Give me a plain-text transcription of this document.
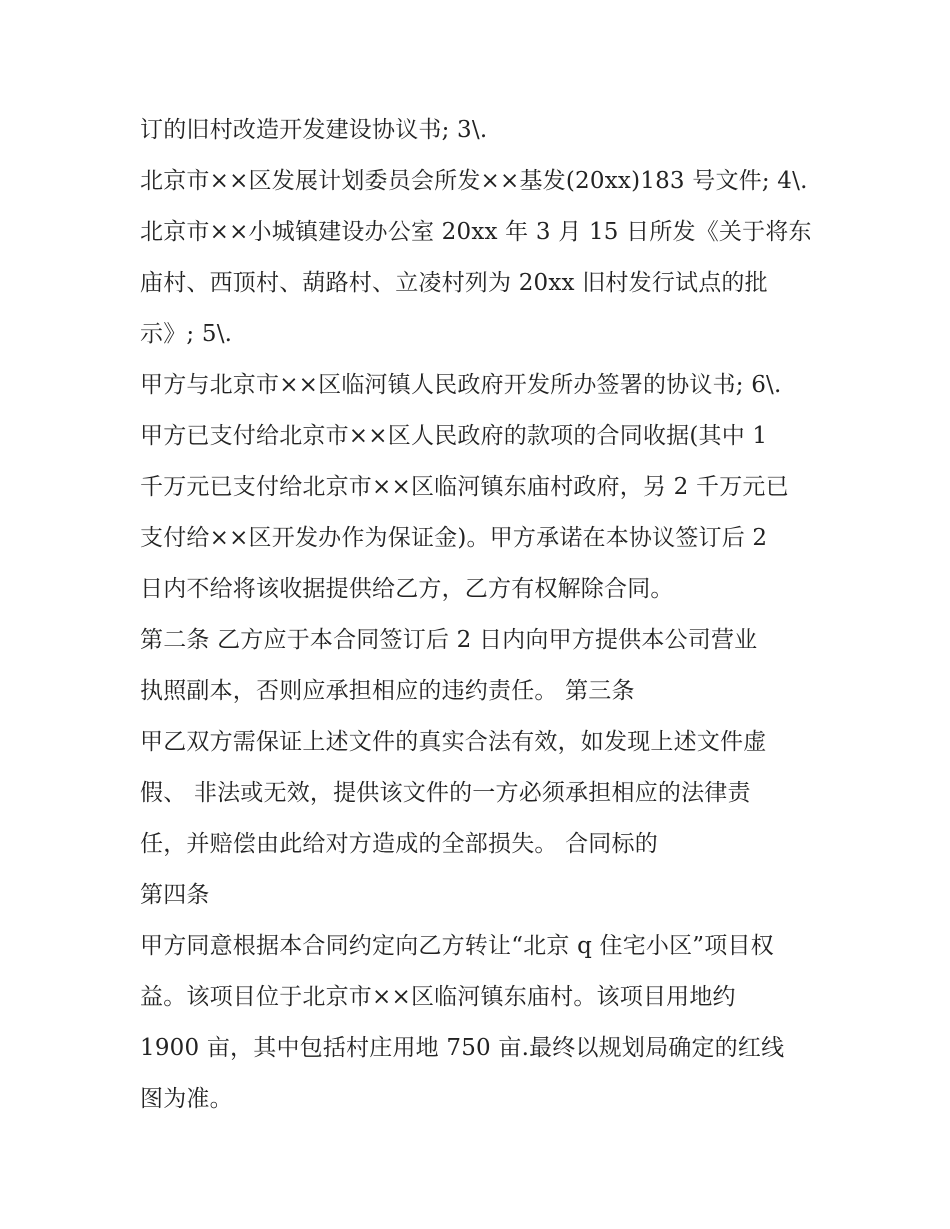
订的旧村改造开发建设协议书; 3\.
北京市××区发展计划委员会所发××基发(20xx)183 号文件; 4\.
北京市××小城镇建设办公室 20xx 年 3 月 15 日所发《关于将东
庙村、西顶村、葫路村、立凌村列为 20xx 旧村发行试点的批
示》; 5\.
甲方与北京市××区临河镇人民政府开发所办签署的协议书; 6\.
甲方已支付给北京市××区人民政府的款项的合同收据(其中 1
千万元已支付给北京市××区临河镇东庙村政府，另 2 千万元已
支付给××区开发办作为保证金)。甲方承诺在本协议签订后 2
日内不给将该收据提供给乙方，乙方有权解除合同。
第二条 乙方应于本合同签订后 2 日内向甲方提供本公司营业
执照副本，否则应承担相应的违约责任。 第三条
甲乙双方需保证上述文件的真实合法有效，如发现上述文件虚
假、 非法或无效，提供该文件的一方必须承担相应的法律责
任，并赔偿由此给对方造成的全部损失。 合同标的
第四条
甲方同意根据本合同约定向乙方转让“北京 q 住宅小区”项目权
益。该项目位于北京市××区临河镇东庙村。该项目用地约
1900 亩，其中包括村庄用地 750 亩.最终以规划局确定的红线
图为准。
